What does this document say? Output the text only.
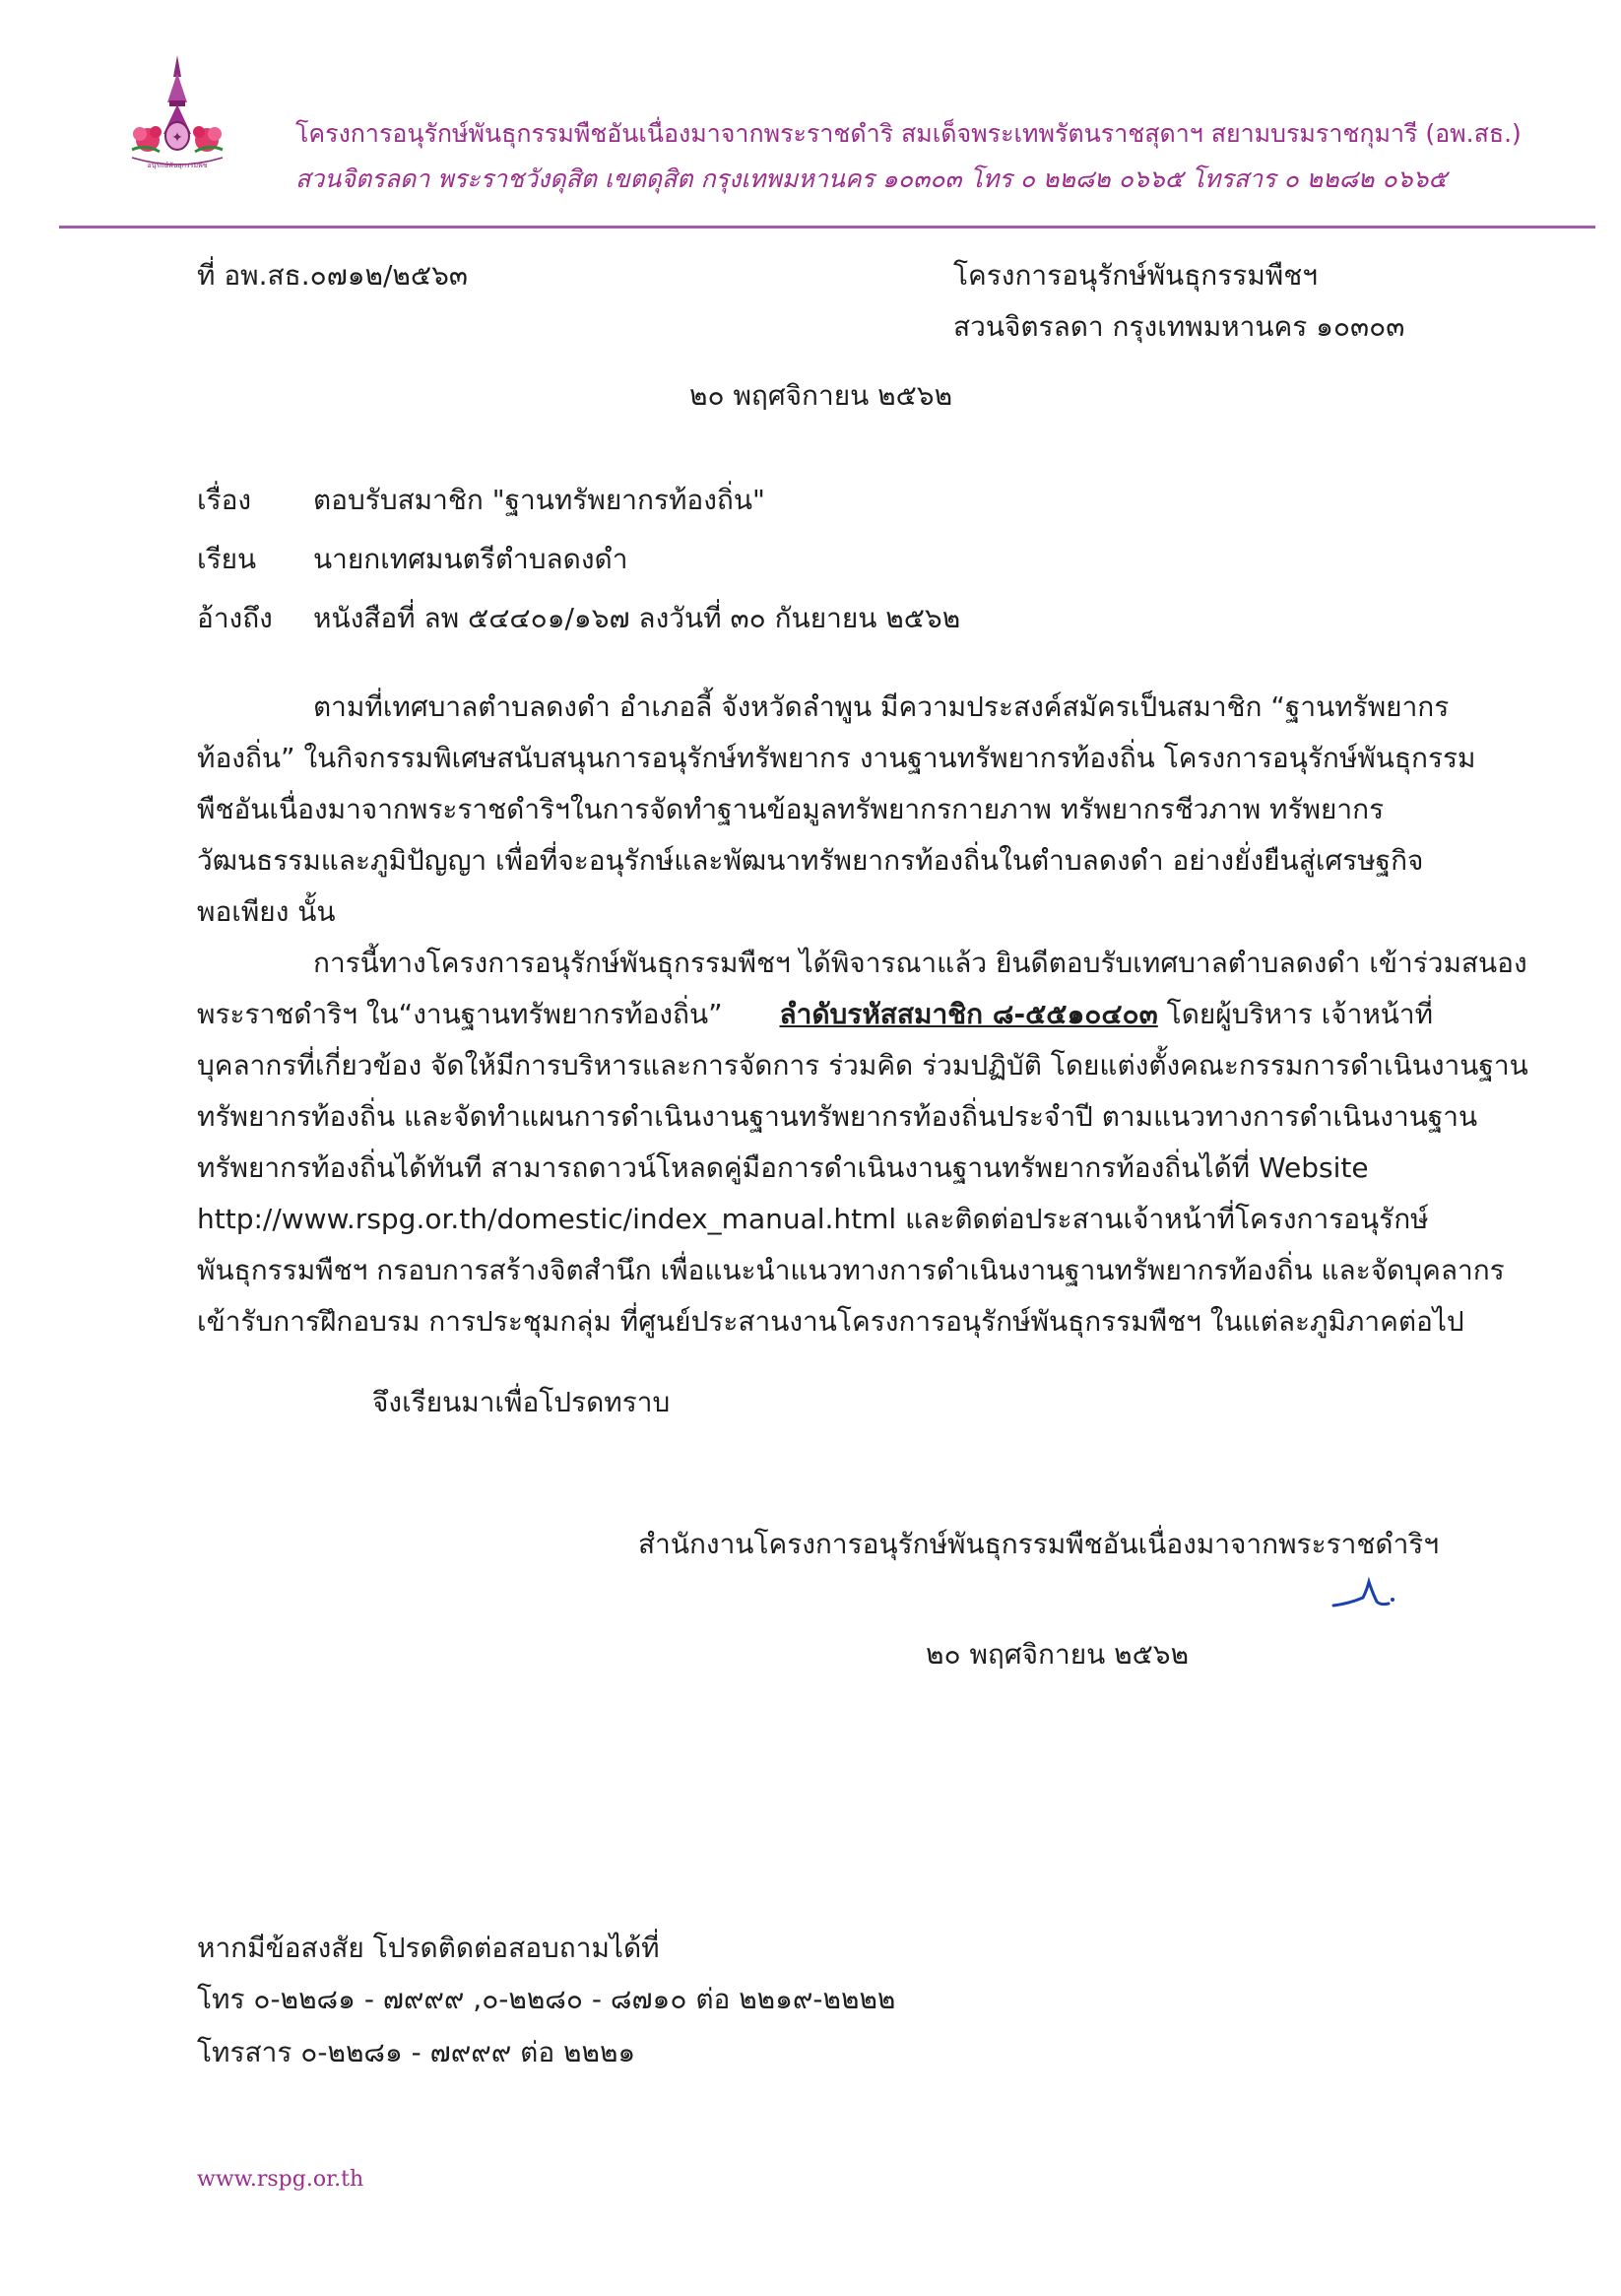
✦
อนุรักษ์พันธุกรรมพืช
โครงการอนุรักษ์พันธุกรรมพืชอันเนื่องมาจากพระราชดำริ สมเด็จพระเทพรัตนราชสุดาฯ สยามบรมราชกุมารี (อพ.สธ.)
สวนจิตรลดา พระราชวังดุสิต เขตดุสิต กรุงเทพมหานคร ๑๐๓๐๓ โทร ๐ ๒๒๘๒ ๐๖๖๕ โทรสาร ๐ ๒๒๘๒ ๐๖๖๕
ที่ อพ.สธ.๐๗๑๒/๒๕๖๓	โครงการอนุรักษ์พันธุกรรมพืชฯ
สวนจิตรลดา กรุงเทพมหานคร ๑๐๓๐๓
๒๐ พฤศจิกายน ๒๕๖๒
เรื่อง ตอบรับสมาชิก "ฐานทรัพยากรท้องถิ่น"
เรียน นายกเทศมนตรีตำบลดงดำ
อ้างถึง หนังสือที่ ลพ ๕๔๔๐๑/๑๖๗ ลงวันที่ ๓๐ กันยายน ๒๕๖๒
ตามที่เทศบาลตำบลดงดำ อำเภอลี้ จังหวัดลำพูน มีความประสงค์สมัครเป็นสมาชิก “ฐานทรัพยากร
ท้องถิ่น” ในกิจกรรมพิเศษสนับสนุนการอนุรักษ์ทรัพยากร งานฐานทรัพยากรท้องถิ่น โครงการอนุรักษ์พันธุกรรม
พืชอันเนื่องมาจากพระราชดำริฯในการจัดทำฐานข้อมูลทรัพยากรกายภาพ ทรัพยากรชีวภาพ ทรัพยากร
วัฒนธรรมและภูมิปัญญา เพื่อที่จะอนุรักษ์และพัฒนาทรัพยากรท้องถิ่นในตำบลดงดำ อย่างยั่งยืนสู่เศรษฐกิจ
พอเพียง นั้น
การนี้ทางโครงการอนุรักษ์พันธุกรรมพืชฯ ได้พิจารณาแล้ว ยินดีตอบรับเทศบาลตำบลดงดำ เข้าร่วมสนอง
พระราชดำริฯ ใน“งานฐานทรัพยากรท้องถิ่น” ลำดับรหัสสมาชิก ๘-๕๕๑๐๔๐๓ โดยผู้บริหาร เจ้าหน้าที่
บุคลากรที่เกี่ยวข้อง จัดให้มีการบริหารและการจัดการ ร่วมคิด ร่วมปฏิบัติ โดยแต่งตั้งคณะกรรมการดำเนินงานฐาน
ทรัพยากรท้องถิ่น และจัดทำแผนการดำเนินงานฐานทรัพยากรท้องถิ่นประจำปี ตามแนวทางการดำเนินงานฐาน
ทรัพยากรท้องถิ่นได้ทันที สามารถดาวน์โหลดคู่มือการดำเนินงานฐานทรัพยากรท้องถิ่นได้ที่ Website
http://www.rspg.or.th/domestic/index_manual.html และติดต่อประสานเจ้าหน้าที่โครงการอนุรักษ์
พันธุกรรมพืชฯ กรอบการสร้างจิตสำนึก เพื่อแนะนำแนวทางการดำเนินงานฐานทรัพยากรท้องถิ่น และจัดบุคลากร
เข้ารับการฝึกอบรม การประชุมกลุ่ม ที่ศูนย์ประสานงานโครงการอนุรักษ์พันธุกรรมพืชฯ ในแต่ละภูมิภาคต่อไป
จึงเรียนมาเพื่อโปรดทราบ
สำนักงานโครงการอนุรักษ์พันธุกรรมพืชอันเนื่องมาจากพระราชดำริฯ
๒๐ พฤศจิกายน ๒๕๖๒
หากมีข้อสงสัย โปรดติดต่อสอบถามได้ที่
โทร ๐-๒๒๘๑ - ๗๙๙๙ ,๐-๒๒๘๐ - ๘๗๑๐ ต่อ ๒๒๑๙-๒๒๒๒
โทรสาร ๐-๒๒๘๑ - ๗๙๙๙ ต่อ ๒๒๒๑
www.rspg.or.th
